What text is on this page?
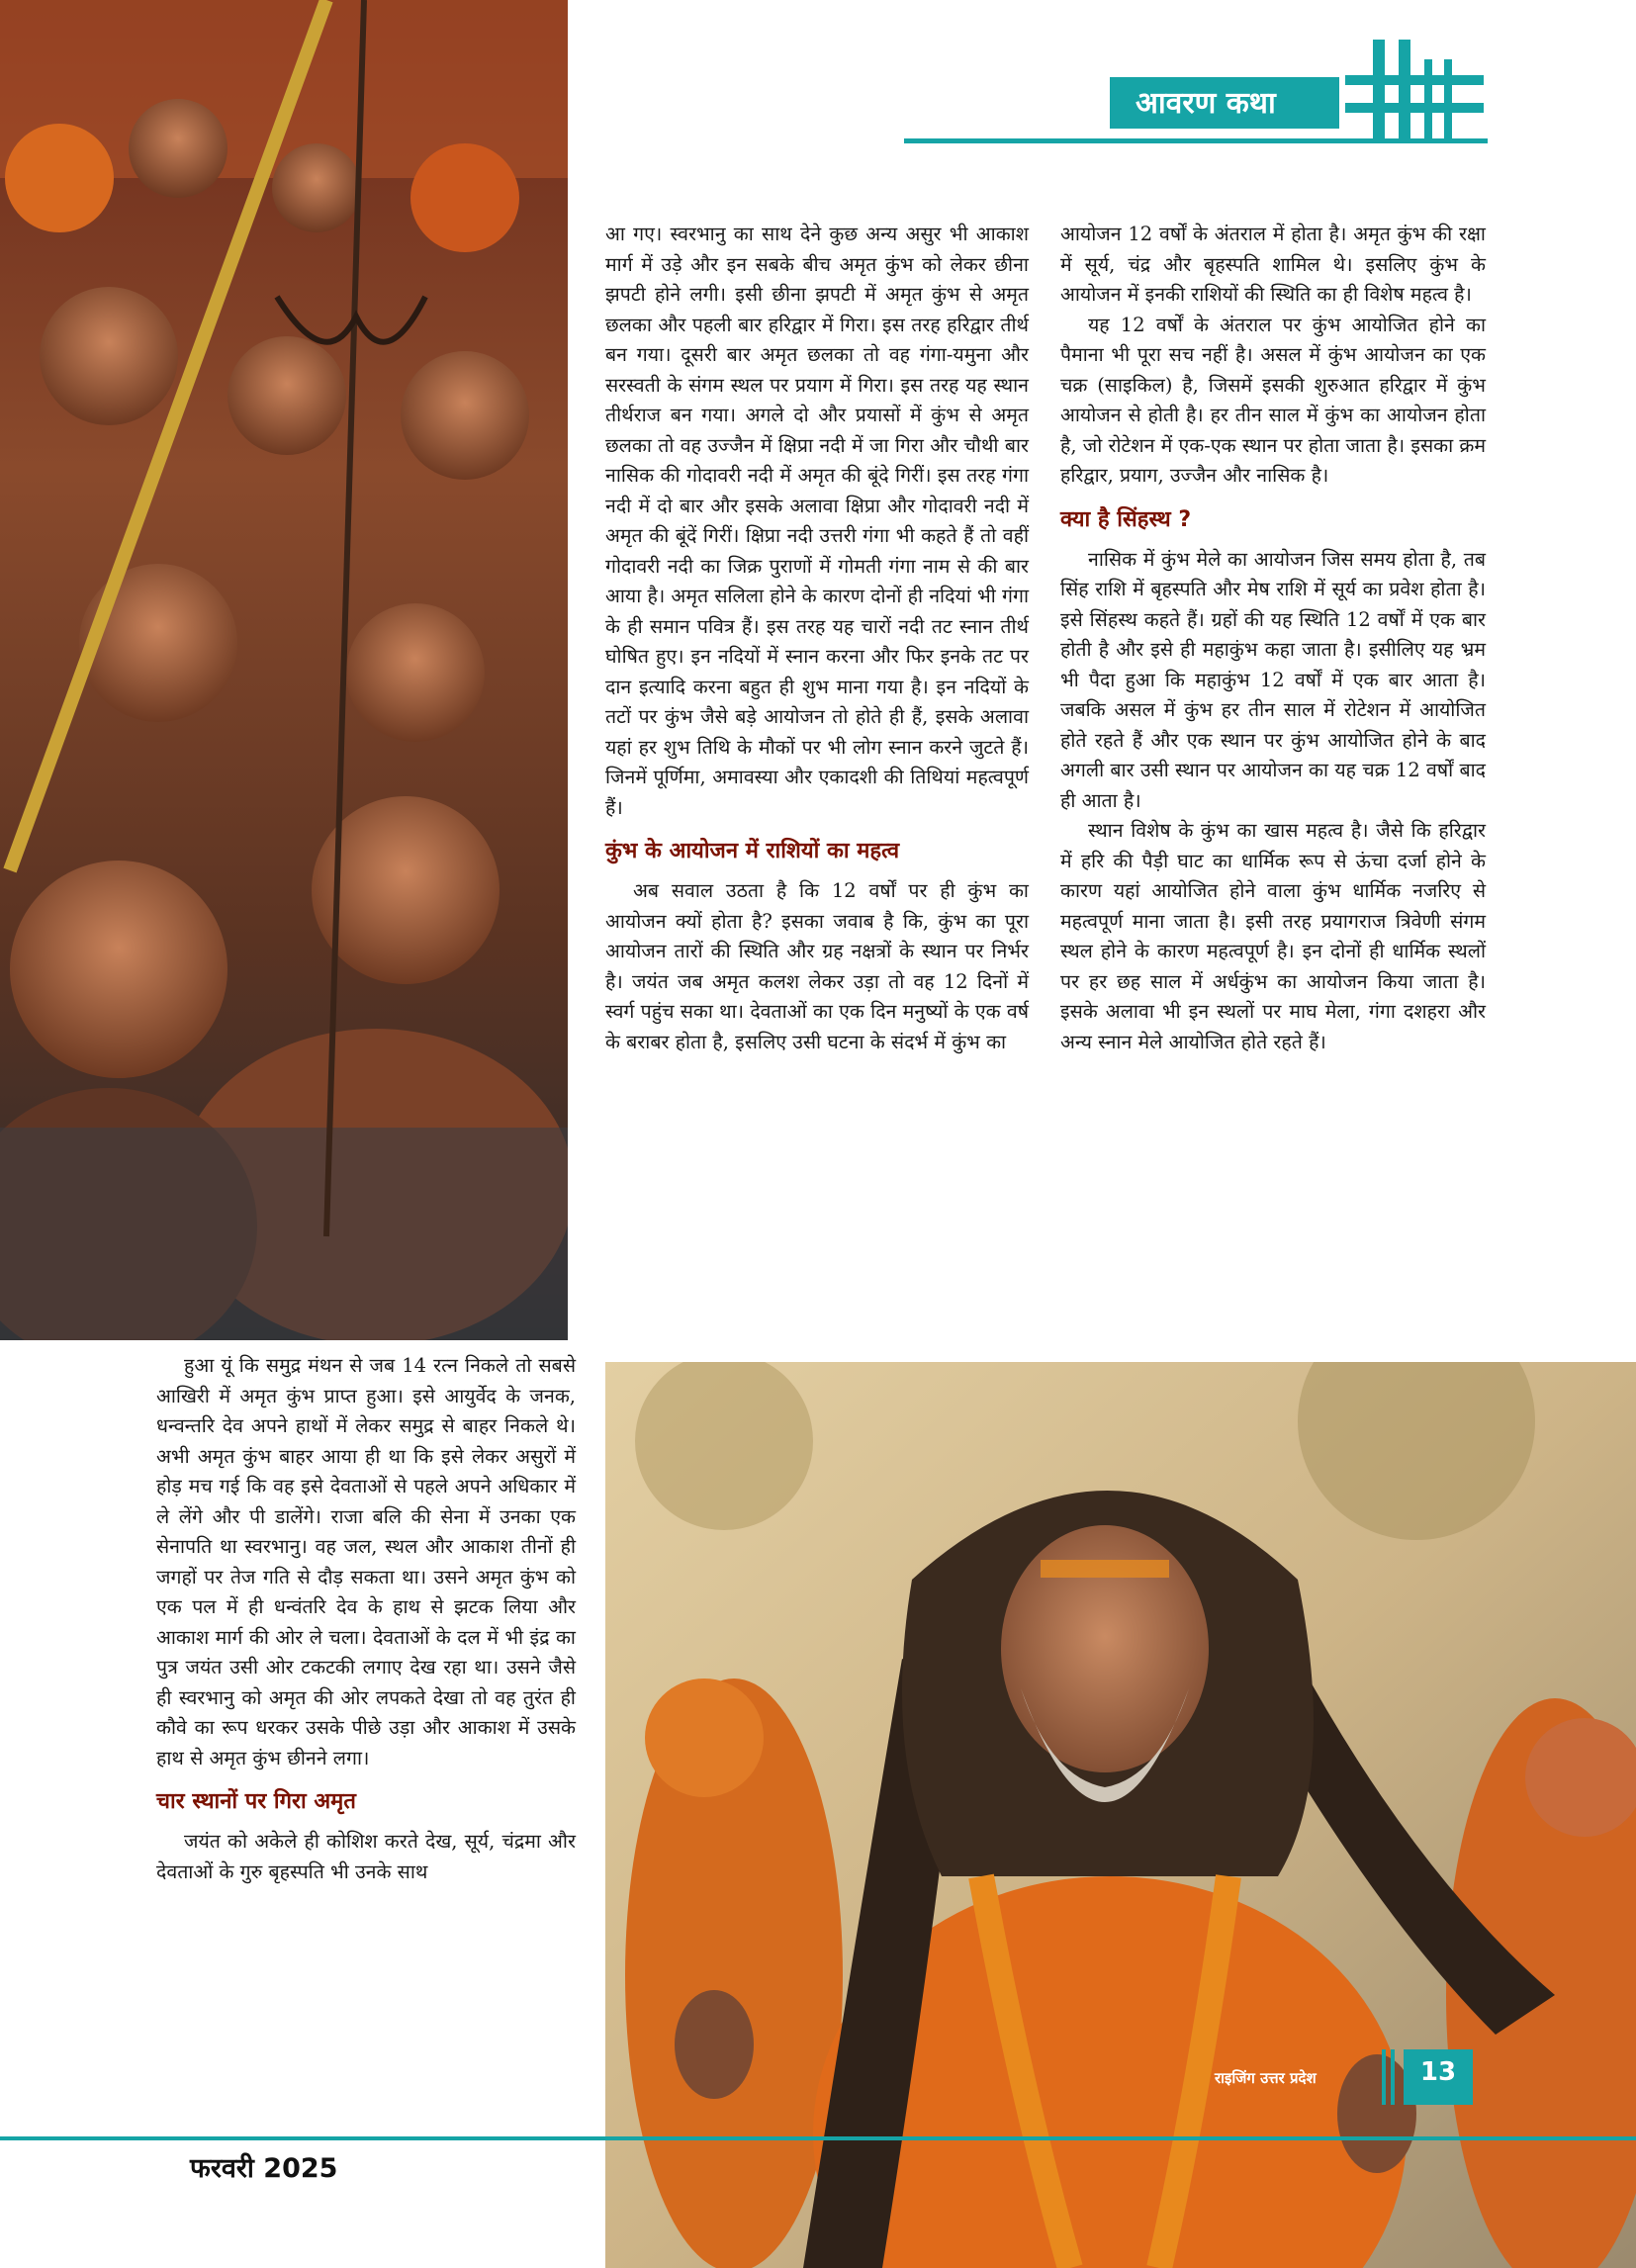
आवरण कथा

आ गए। स्वरभानु का साथ देने कुछ अन्य असुर भी आकाश मार्ग में उड़े और इन सबके बीच अमृत कुंभ को लेकर छीना झपटी होने लगी। इसी छीना झपटी में अमृत कुंभ से अमृत छलका और पहली बार हरिद्वार में गिरा। इस तरह हरिद्वार तीर्थ बन गया। दूसरी बार अमृत छलका तो वह गंगा-यमुना और सरस्वती के संगम स्थल पर प्रयाग में गिरा। इस तरह यह स्थान तीर्थराज बन गया। अगले दो और प्रयासों में कुंभ से अमृत छलका तो वह उज्जैन में क्षिप्रा नदी में जा गिरा और चौथी बार नासिक की गोदावरी नदी में अमृत की बूंदे गिरीं। इस तरह गंगा नदी में दो बार और इसके अलावा क्षिप्रा और गोदावरी नदी में अमृत की बूंदें गिरीं। क्षिप्रा नदी उत्तरी गंगा भी कहते हैं तो वहीं गोदावरी नदी का जिक्र पुराणों में गोमती गंगा नाम से की बार आया है। अमृत सलिला होने के कारण दोनों ही नदियां भी गंगा के ही समान पवित्र हैं। इस तरह यह चारों नदी तट स्नान तीर्थ घोषित हुए। इन नदियों में स्नान करना और फिर इनके तट पर दान इत्यादि करना बहुत ही शुभ माना गया है। इन नदियों के तटों पर कुंभ जैसे बड़े आयोजन तो होते ही हैं, इसके अलावा यहां हर शुभ तिथि के मौकों पर भी लोग स्नान करने जुटते हैं। जिनमें पूर्णिमा, अमावस्या और एकादशी की तिथियां महत्वपूर्ण हैं।

कुंभ के आयोजन में राशियों का महत्व

अब सवाल उठता है कि 12 वर्षों पर ही कुंभ का आयोजन क्यों होता है? इसका जवाब है कि, कुंभ का पूरा आयोजन तारों की स्थिति और ग्रह नक्षत्रों के स्थान पर निर्भर है। जयंत जब अमृत कलश लेकर उड़ा तो वह 12 दिनों में स्वर्ग पहुंच सका था। देवताओं का एक दिन मनुष्यों के एक वर्ष के बराबर होता है, इसलिए उसी घटना के संदर्भ में कुंभ का

आयोजन 12 वर्षों के अंतराल में होता है। अमृत कुंभ की रक्षा में सूर्य, चंद्र और बृहस्पति शामिल थे। इसलिए कुंभ के आयोजन में इनकी राशियों की स्थिति का ही विशेष महत्व है।

यह 12 वर्षों के अंतराल पर कुंभ आयोजित होने का पैमाना भी पूरा सच नहीं है। असल में कुंभ आयोजन का एक चक्र (साइकिल) है, जिसमें इसकी शुरुआत हरिद्वार में कुंभ आयोजन से होती है। हर तीन साल में कुंभ का आयोजन होता है, जो रोटेशन में एक-एक स्थान पर होता जाता है। इसका क्रम हरिद्वार, प्रयाग, उज्जैन और नासिक है।

क्या है सिंहस्थ ?

नासिक में कुंभ मेले का आयोजन जिस समय होता है, तब सिंह राशि में बृहस्पति और मेष राशि में सूर्य का प्रवेश होता है। इसे सिंहस्थ कहते हैं। ग्रहों की यह स्थिति 12 वर्षों में एक बार होती है और इसे ही महाकुंभ कहा जाता है। इसीलिए यह भ्रम भी पैदा हुआ कि महाकुंभ 12 वर्षों में एक बार आता है। जबकि असल में कुंभ हर तीन साल में रोटेशन में आयोजित होते रहते हैं और एक स्थान पर कुंभ आयोजित होने के बाद अगली बार उसी स्थान पर आयोजन का यह चक्र 12 वर्षों बाद ही आता है।

स्थान विशेष के कुंभ का खास महत्व है। जैसे कि हरिद्वार में हरि की पैड़ी घाट का धार्मिक रूप से ऊंचा दर्जा होने के कारण यहां आयोजित होने वाला कुंभ धार्मिक नजरिए से महत्वपूर्ण माना जाता है। इसी तरह प्रयागराज त्रिवेणी संगम स्थल होने के कारण महत्वपूर्ण है। इन दोनों ही धार्मिक स्थलों पर हर छह साल में अर्धकुंभ का आयोजन किया जाता है। इसके अलावा भी इन स्थलों पर माघ मेला, गंगा दशहरा और अन्य स्नान मेले आयोजित होते रहते हैं।

हुआ यूं कि समुद्र मंथन से जब 14 रत्न निकले तो सबसे आखिरी में अमृत कुंभ प्राप्त हुआ। इसे आयुर्वेद के जनक, धन्वन्तरि देव अपने हाथों में लेकर समुद्र से बाहर निकले थे। अभी अमृत कुंभ बाहर आया ही था कि इसे लेकर असुरों में होड़ मच गई कि वह इसे देवताओं से पहले अपने अधिकार में ले लेंगे और पी डालेंगे। राजा बलि की सेना में उनका एक सेनापति था स्वरभानु। वह जल, स्थल और आकाश तीनों ही जगहों पर तेज गति से दौड़ सकता था। उसने अमृत कुंभ को एक पल में ही धन्वंतरि देव के हाथ से झटक लिया और आकाश मार्ग की ओर ले चला। देवताओं के दल में भी इंद्र का पुत्र जयंत उसी ओर टकटकी लगाए देख रहा था। उसने जैसे ही स्वरभानु को अमृत की ओर लपकते देखा तो वह तुरंत ही कौवे का रूप धरकर उसके पीछे उड़ा और आकाश में उसके हाथ से अमृत कुंभ छीनने लगा।

चार स्थानों पर गिरा अमृत

जयंत को अकेले ही कोशिश करते देख, सूर्य, चंद्रमा और देवताओं के गुरु बृहस्पति भी उनके साथ

फरवरी 2025
राइजिंग उत्तर प्रदेश	13
